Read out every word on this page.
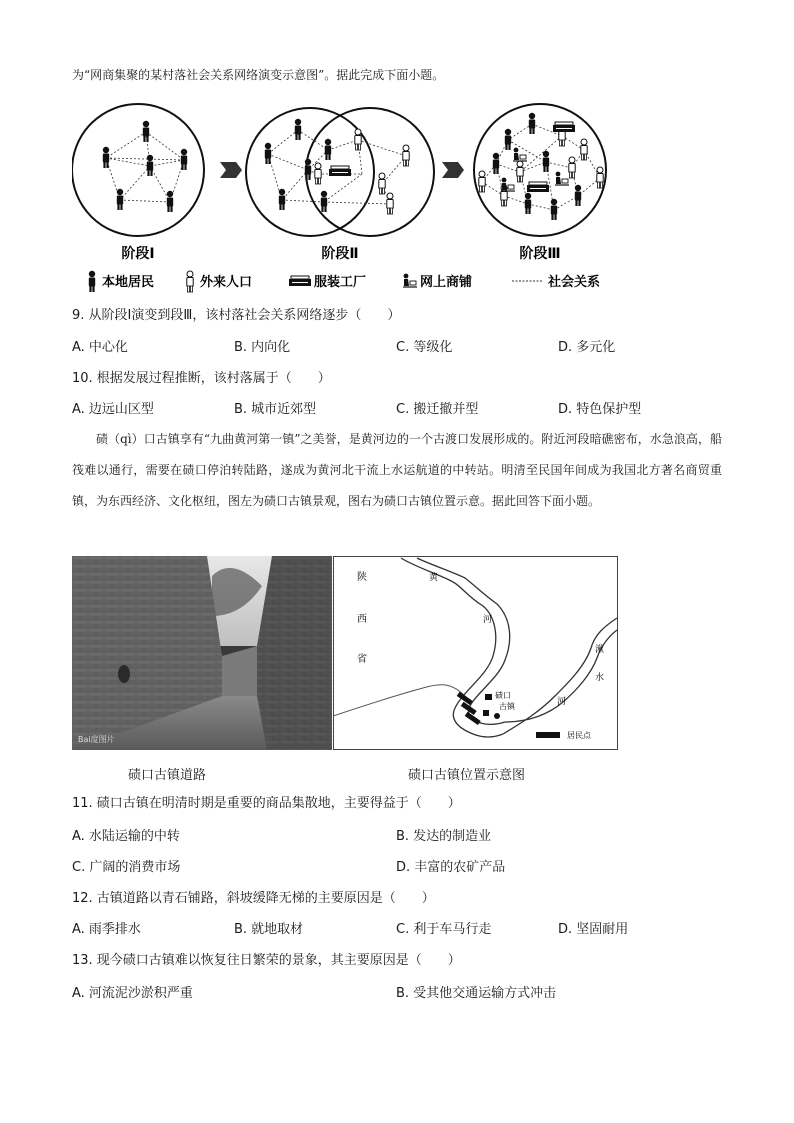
为“网商集聚的某村落社会关系网络演变示意图”。据此完成下面小题。
阶段Ⅰ	阶段Ⅱ	阶段Ⅲ
本地居民	外来人口	服装工厂	网上商铺	社会关系
9. 从阶段Ⅰ演变到段Ⅲ，该村落社会关系网络逐步（　　）
A. 中心化	B. 内向化	C. 等级化	D. 多元化
10. 根据发展过程推断，该村落属于（　　）
A. 边远山区型	B. 城市近郊型	C. 搬迁撤并型	D. 特色保护型
碛（qì）口古镇享有“九曲黄河第一镇”之美誉，是黄河边的一个古渡口发展形成的。附近河段暗礁密布，水急浪高，船筏难以通行，需要在碛口停泊转陆路，遂成为黄河北干流上水运航道的中转站。明清至民国年间成为我国北方著名商贸重镇，为东西经济、文化枢纽，图左为碛口古镇景观，图右为碛口古镇位置示意。据此回答下面小题。
Bai度图片
陕
西
省
黄
河
湫
水
河
碛口
古镇
居民点
碛口古镇道路	碛口古镇位置示意图
11. 碛口古镇在明清时期是重要的商品集散地，主要得益于（　　）
A. 水陆运输的中转	B. 发达的制造业
C. 广阔的消费市场	D. 丰富的农矿产品
12. 古镇道路以青石铺路，斜坡缓降无梯的主要原因是（　　）
A. 雨季排水	B. 就地取材	C. 利于车马行走	D. 坚固耐用
13. 现今碛口古镇难以恢复往日繁荣的景象，其主要原因是（　　）
A. 河流泥沙淤积严重	B. 受其他交通运输方式冲击
